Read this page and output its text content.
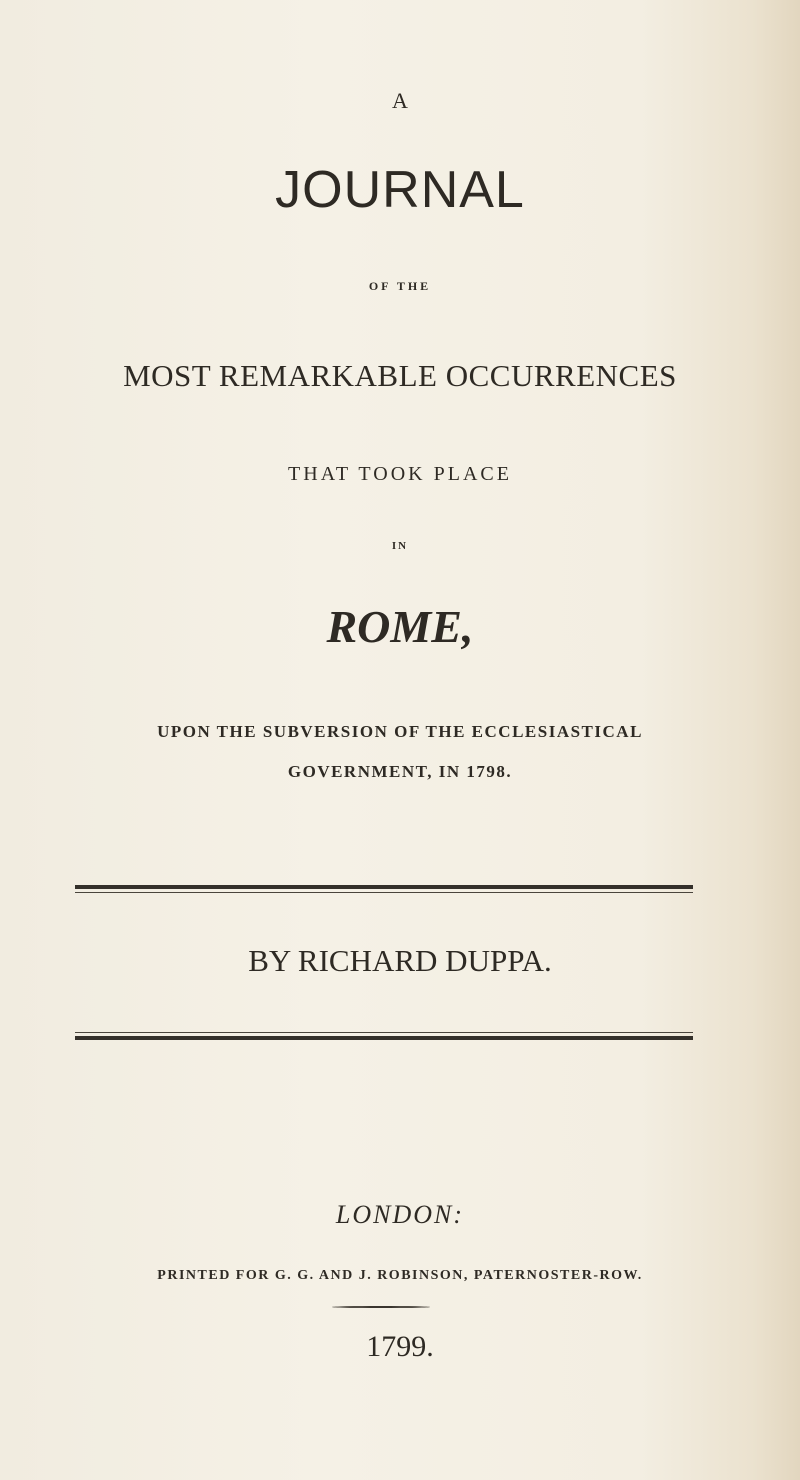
A
JOURNAL
OF THE
MOST REMARKABLE OCCURRENCES
THAT TOOK PLACE
IN
ROME,
UPON THE SUBVERSION OF THE ECCLESIASTICAL
GOVERNMENT, IN 1798.
BY RICHARD DUPPA.
LONDON:
PRINTED FOR G. G. AND J. ROBINSON, PATERNOSTER-ROW.
1799.
